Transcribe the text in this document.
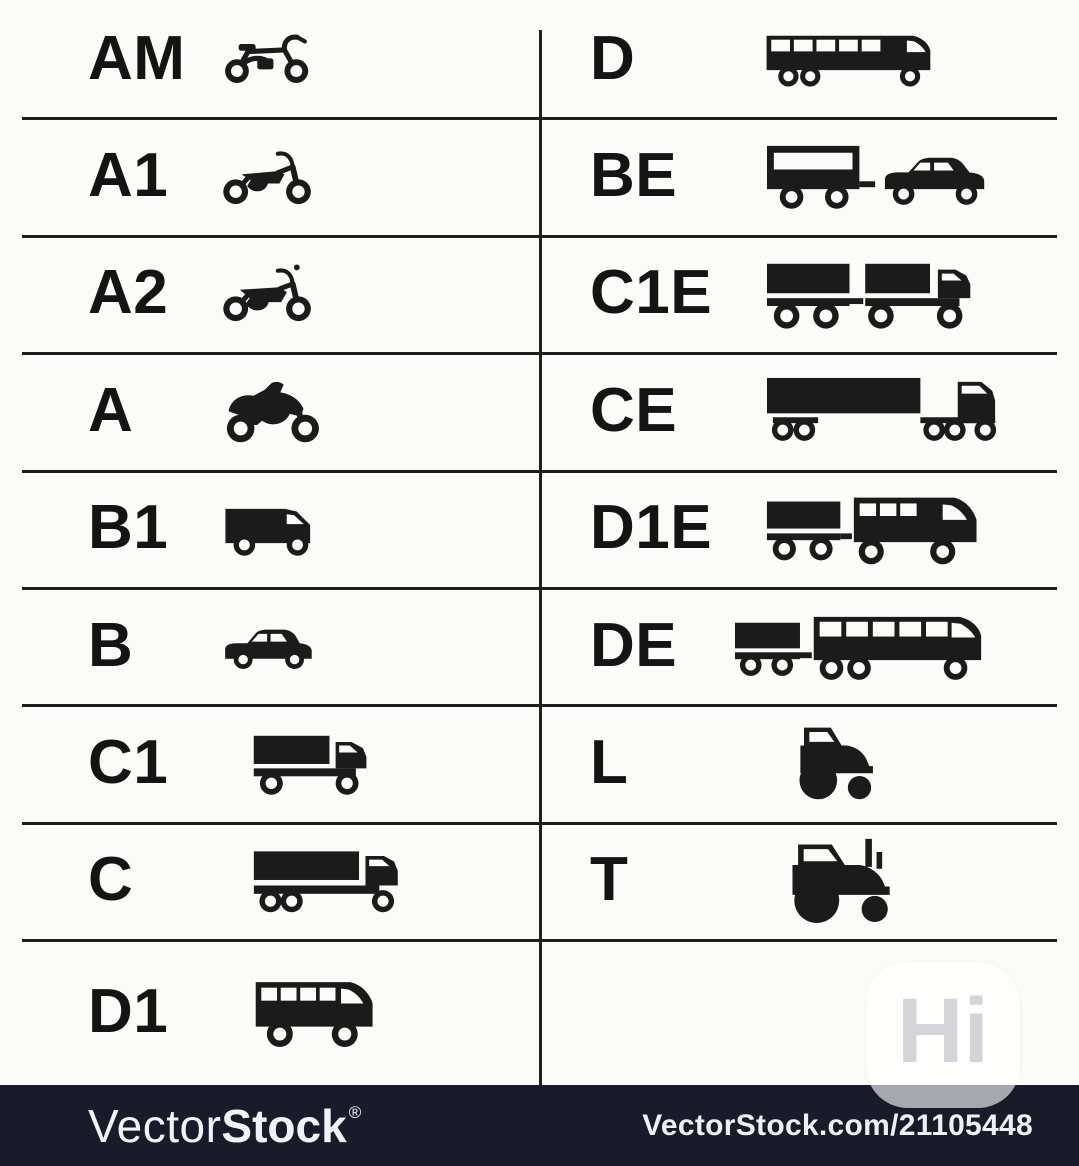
AM
A1
A2
A
B1
B
C1
C
D1
D
BE
C1E
CE
D1E
DE
L
T
Vector Stock ®	VectorStock.com/21105448
Hi
